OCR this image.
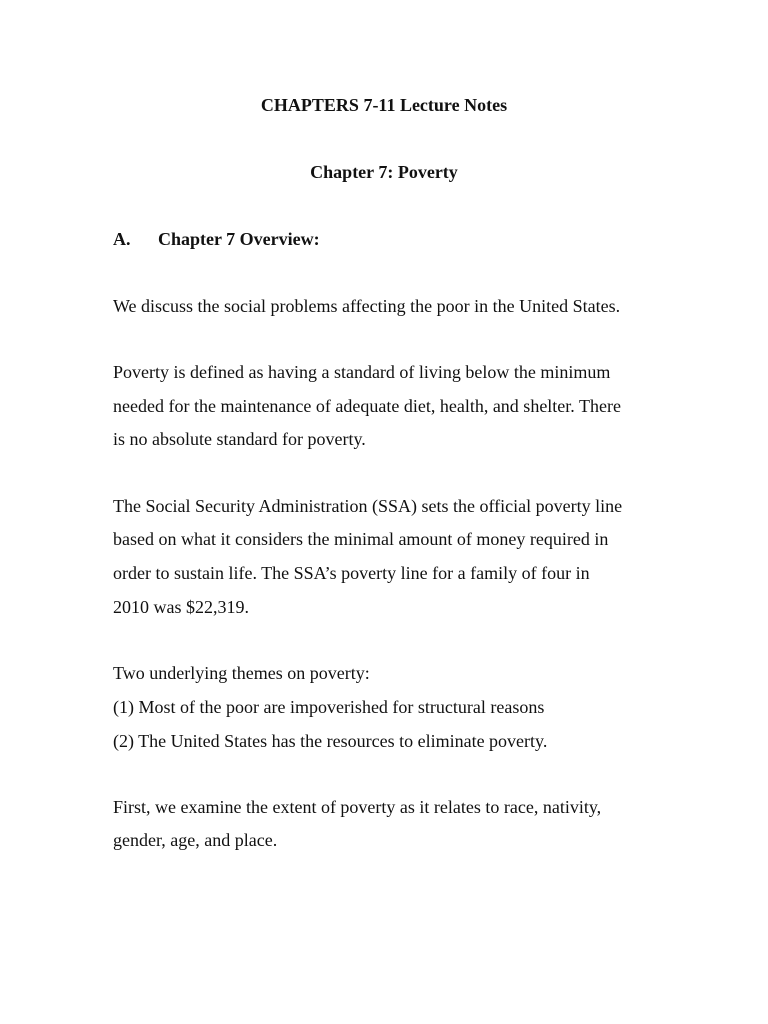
CHAPTERS 7-11 Lecture Notes
Chapter 7: Poverty
A. Chapter 7 Overview:
We discuss the social problems affecting the poor in the United States.
Poverty is defined as having a standard of living below the minimum
needed for the maintenance of adequate diet, health, and shelter. There
is no absolute standard for poverty.
The Social Security Administration (SSA) sets the official poverty line
based on what it considers the minimal amount of money required in
order to sustain life. The SSA’s poverty line for a family of four in
2010 was $22,319.
Two underlying themes on poverty:
(1) Most of the poor are impoverished for structural reasons
(2) The United States has the resources to eliminate poverty.
First, we examine the extent of poverty as it relates to race, nativity,
gender, age, and place.
